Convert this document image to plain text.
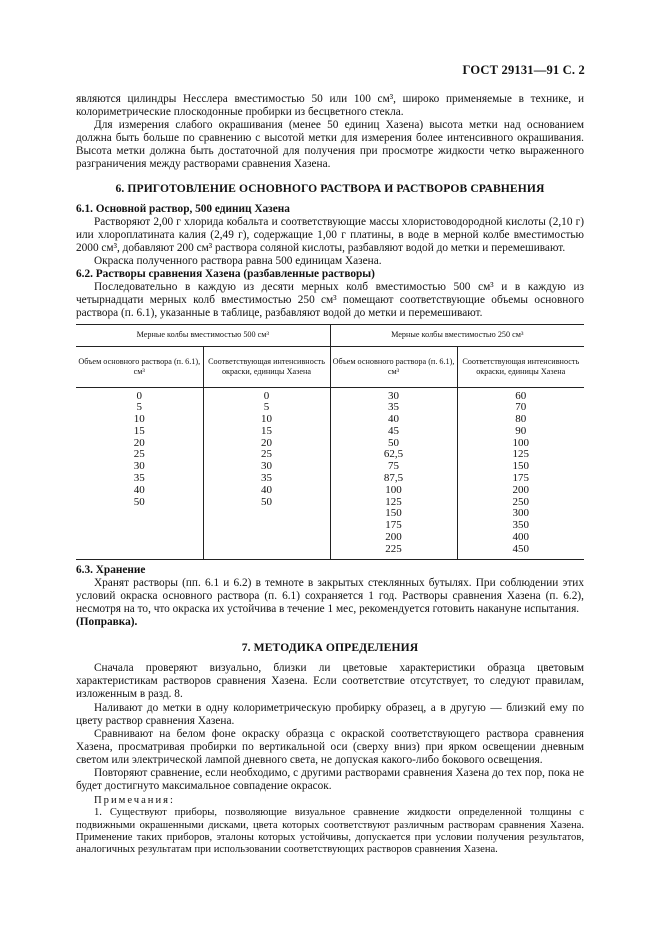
ГОСТ 29131—91 С. 2

являются цилиндры Несслера вместимостью 50 или 100 см³, широко применяемые в технике, и колориметрические плоскодонные пробирки из бесцветного стекла.

Для измерения слабого окрашивания (менее 50 единиц Хазена) высота метки над основанием должна быть больше по сравнению с высотой метки для измерения более интенсивного окрашивания. Высота метки должна быть достаточной для получения при просмотре жидкости четко выраженного разграничения между растворами сравнения Хазена.

6. ПРИГОТОВЛЕНИЕ ОСНОВНОГО РАСТВОРА И РАСТВОРОВ СРАВНЕНИЯ

6.1. Основной раствор, 500 единиц Хазена

Растворяют 2,00 г хлорида кобальта и соответствующие массы хлористоводородной кислоты (2,10 г) или хлороплатината калия (2,49 г), содержащие 1,00 г платины, в воде в мерной колбе вместимостью 2000 см³, добавляют 200 см³ раствора соляной кислоты, разбавляют водой до метки и перемешивают.

Окраска полученного раствора равна 500 единицам Хазена.

6.2. Растворы сравнения Хазена (разбавленные растворы)

Последовательно в каждую из десяти мерных колб вместимостью 500 см³ и в каждую из четырнадцати мерных колб вместимостью 250 см³ помещают соответствующие объемы основного раствора (п. 6.1), указанные в таблице, разбавляют водой до метки и перемешивают.

Мерные колбы вместимостью 500 см³		Мерные колбы вместимостью 250 см³	
Объем основного раствора (п. 6.1), см³	Соответствующая интенсивность окраски, единицы Хазена	Объем основного раствора (п. 6.1), см³	Соответствующая интенсивность окраски, единицы Хазена
0	0	30	60
5	5	35	70
10	10	40	80
15	15	45	90
20	20	50	100
25	25	62,5	125
30	30	75	150
35	35	87,5	175
40	40	100	200
50	50	125	250
		150	300
		175	350
		200	400
		225	450

6.3. Хранение

Хранят растворы (пп. 6.1 и 6.2) в темноте в закрытых стеклянных бутылях. При соблюдении этих условий окраска основного раствора (п. 6.1) сохраняется 1 год. Растворы сравнения Хазена (п. 6.2), несмотря на то, что окраска их устойчива в течение 1 мес, рекомендуется готовить накануне испытания.

(Поправка).

7. МЕТОДИКА ОПРЕДЕЛЕНИЯ

Сначала проверяют визуально, близки ли цветовые характеристики образца цветовым характеристикам растворов сравнения Хазена. Если соответствие отсутствует, то следуют правилам, изложенным в разд. 8.

Наливают до метки в одну колориметрическую пробирку образец, а в другую — близкий ему по цвету раствор сравнения Хазена.

Сравнивают на белом фоне окраску образца с окраской соответствующего раствора сравнения Хазена, просматривая пробирки по вертикальной оси (сверху вниз) при ярком освещении дневным светом или электрической лампой дневного света, не допуская какого-либо бокового освещения.

Повторяют сравнение, если необходимо, с другими растворами сравнения Хазена до тех пор, пока не будет достигнуто максимальное совпадение окрасок.

Примечания:

1. Существуют приборы, позволяющие визуальное сравнение жидкости определенной толщины с подвижными окрашенными дисками, цвета которых соответствуют различным растворам сравнения Хазена. Применение таких приборов, эталоны которых устойчивы, допускается при условии получения результатов, аналогичных результатам при использовании соответствующих растворов сравнения Хазена.
